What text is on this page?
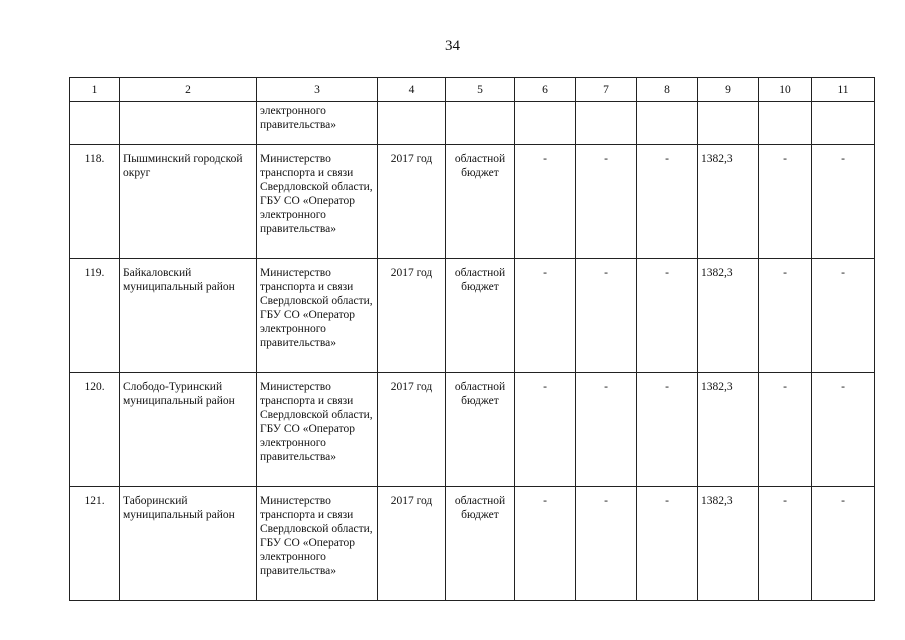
34
1	2	3	4	5	6	7	8	9	10	11
		электронного правительства»								
118.	Пышминский городской округ	Министерство транспорта и связи Свердловской области, ГБУ СО «Оператор электронного правительства»	2017 год	областной бюджет	-	-	-	1382,3	-	-
119.	Байкаловский муниципальный район	Министерство транспорта и связи Свердловской области, ГБУ СО «Оператор электронного правительства»	2017 год	областной бюджет	-	-	-	1382,3	-	-
120.	Слободо-Туринский муниципальный район	Министерство транспорта и связи Свердловской области, ГБУ СО «Оператор электронного правительства»	2017 год	областной бюджет	-	-	-	1382,3	-	-
121.	Таборинский муниципальный район	Министерство транспорта и связи Свердловской области, ГБУ СО «Оператор электронного правительства»	2017 год	областной бюджет	-	-	-	1382,3	-	-
